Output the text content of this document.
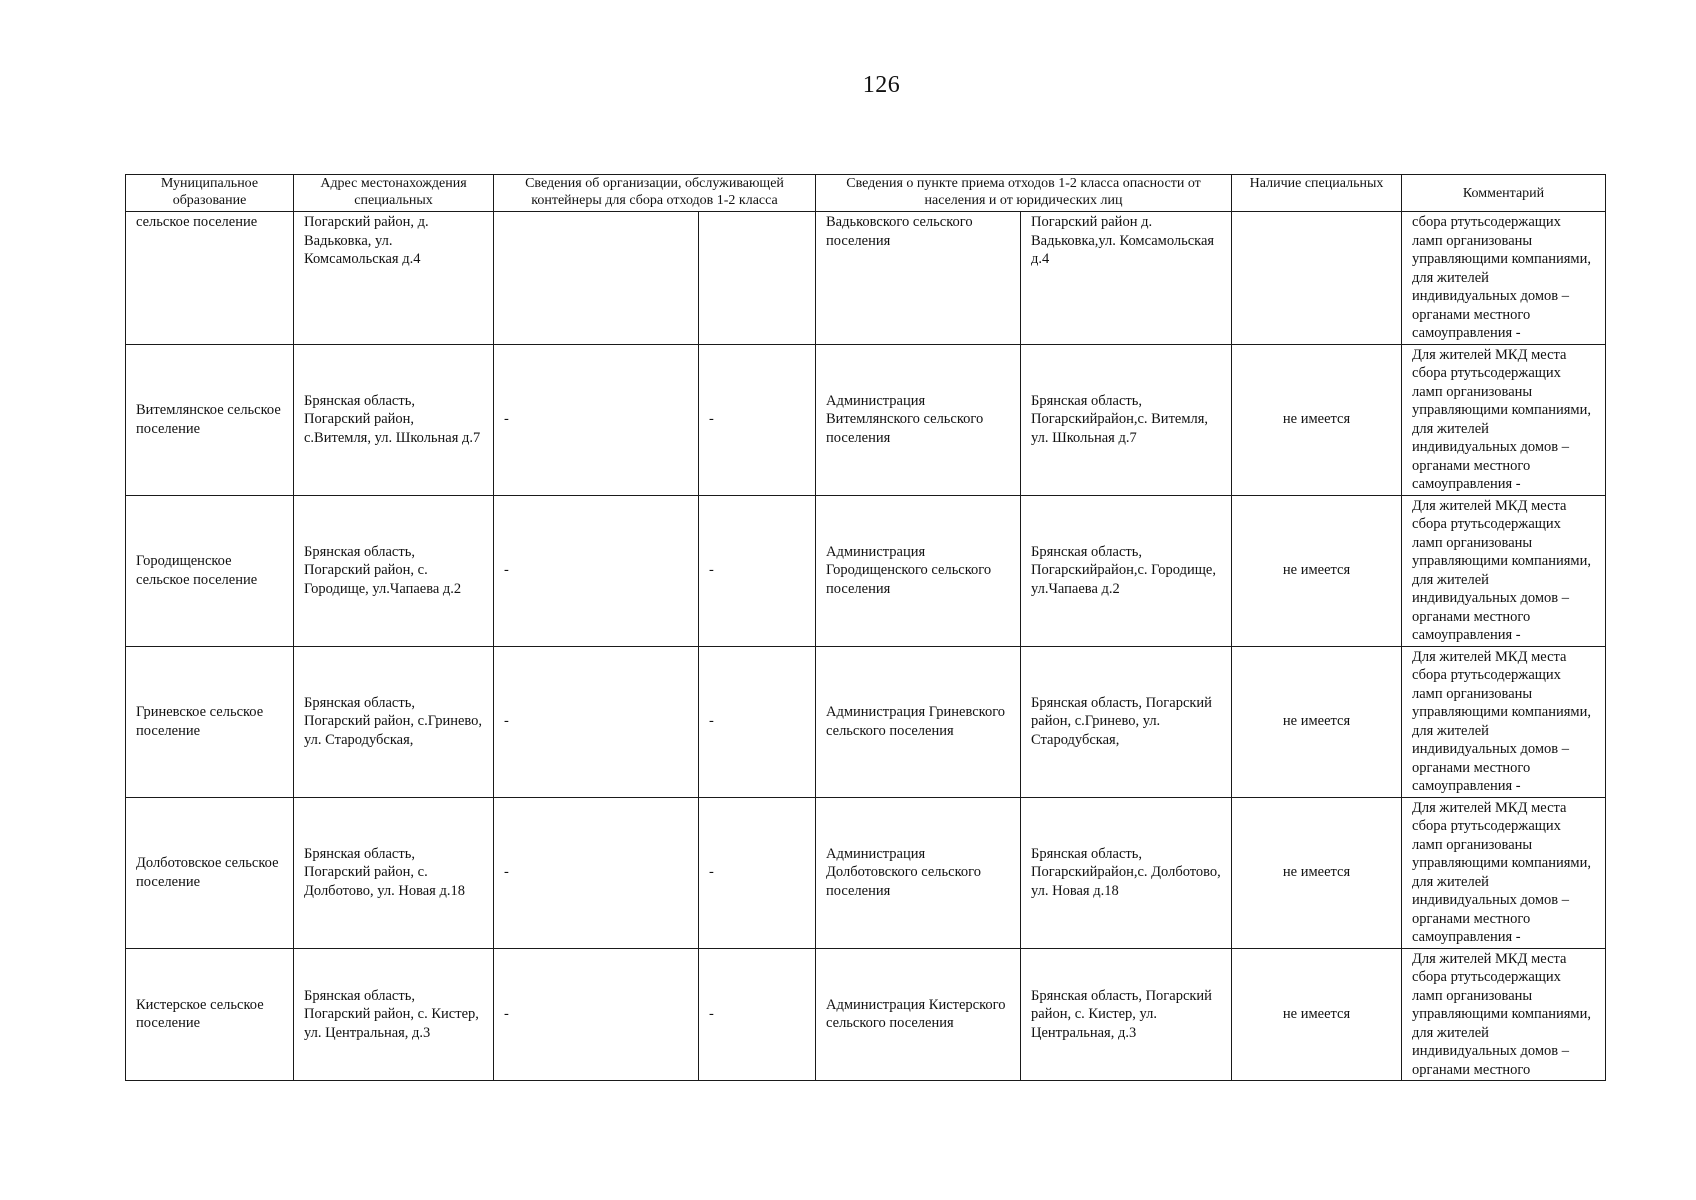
126
Муниципальное образование	Адрес местонахождения специальных	Сведения об организации, обслуживающей контейнеры для сбора отходов 1-2 класса		Сведения о пункте приема отходов 1-2 класса опасности от населения и от юридических лиц		Наличие специальных	Комментарий
сельское поселение	Погарский район, д. Вадьковка, ул. Комсамольская д.4			Вадьковского сельского поселения	Погарский район д. Вадьковка,ул. Комсамольская д.4		сбора ртутьсодержащих ламп организованы управляющими компаниями, для жителей индивидуальных домов – органами местного самоуправления -
Витемлянское сельское поселение	Брянская область, Погарский район, с.Витемля, ул. Школьная д.7	-	-	Администрация Витемлянского сельского поселения	Брянская область, Погарскийрайон,с. Витемля, ул. Школьная д.7	не имеется	Для жителей МКД места сбора ртутьсодержащих ламп организованы управляющими компаниями, для жителей индивидуальных домов – органами местного самоуправления -
Городищенское сельское поселение	Брянская область, Погарский район, с. Городище, ул.Чапаева д.2	-	-	Администрация Городищенского сельского поселения	Брянская область, Погарскийрайон,с. Городище, ул.Чапаева д.2	не имеется	Для жителей МКД места сбора ртутьсодержащих ламп организованы управляющими компаниями, для жителей индивидуальных домов – органами местного самоуправления -
Гриневское сельское поселение	Брянская область, Погарский район, с.Гринево, ул. Стародубская,	-	-	Администрация Гриневского сельского поселения	Брянская область, Погарский район, с.Гринево, ул. Стародубская,	не имеется	Для жителей МКД места сбора ртутьсодержащих ламп организованы управляющими компаниями, для жителей индивидуальных домов – органами местного самоуправления -
Долботовское сельское поселение	Брянская область, Погарский район, с. Долботово, ул. Новая д.18	-	-	Администрация Долботовского сельского поселения	Брянская область, Погарскийрайон,с. Долботово, ул. Новая д.18	не имеется	Для жителей МКД места сбора ртутьсодержащих ламп организованы управляющими компаниями, для жителей индивидуальных домов – органами местного самоуправления -
Кистерское сельское поселение	Брянская область, Погарский район, с. Кистер, ул. Центральная, д.3	-	-	Администрация Кистерского сельского поселения	Брянская область, Погарский район, с. Кистер, ул. Центральная, д.3	не имеется	Для жителей МКД места сбора ртутьсодержащих ламп организованы управляющими компаниями, для жителей индивидуальных домов – органами местного
